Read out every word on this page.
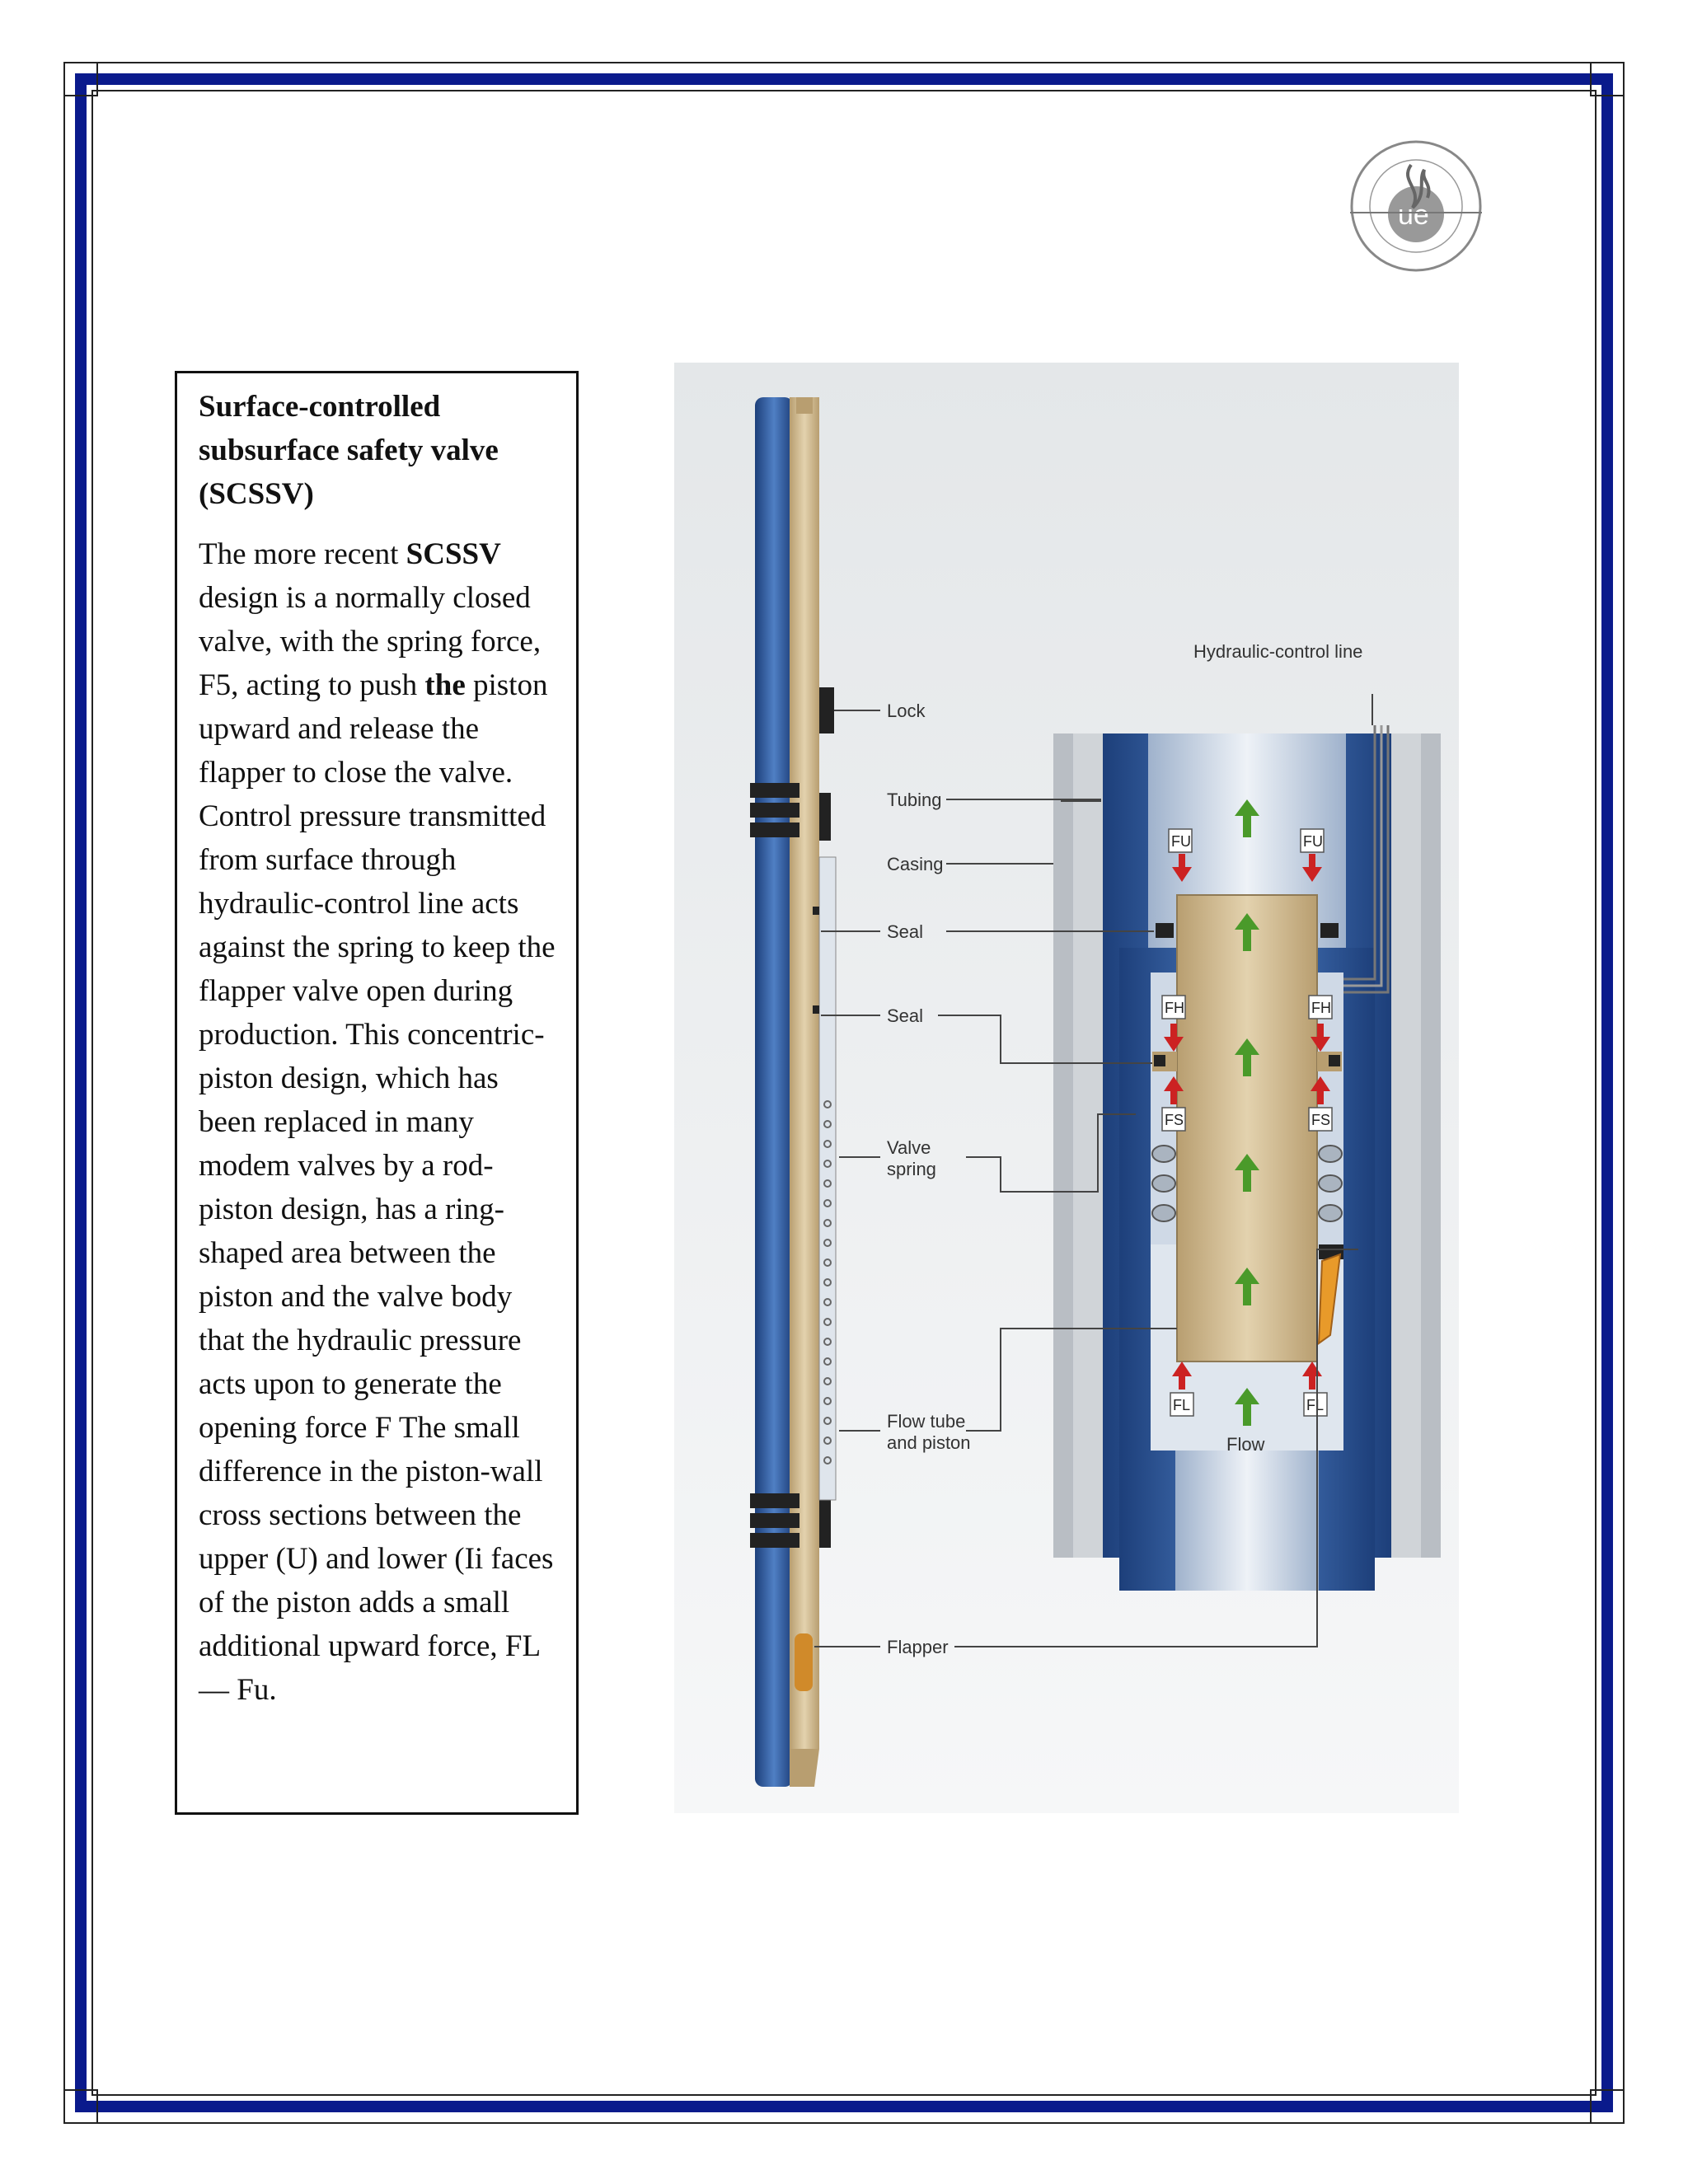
ue

Surface-controlled subsurface safety valve (SCSSV)

The more recent SCSSV design is a normally closed valve, with the spring force, F5, acting to push the piston upward and release the flapper to close the valve. Control pressure transmitted from surface through hydraulic-control line acts against the spring to keep the flapper valve open during production. This concentric-piston design, which has been replaced in many modem valves by a rod-piston design, has a ring-shaped area between the piston and the valve body that the hydraulic pressure acts upon to generate the opening force F The small difference in the piston-wall cross sections between the upper (U) and lower (Ii faces of the piston adds a small additional upward force, FL — Fu.

FU	FU
FH	FH
FS	FS
FL	FL
Hydraulic-control line
Lock
Tubing
Casing
Seal
Seal
Valve
spring
Flow tube
and piston
Flapper
Flow
